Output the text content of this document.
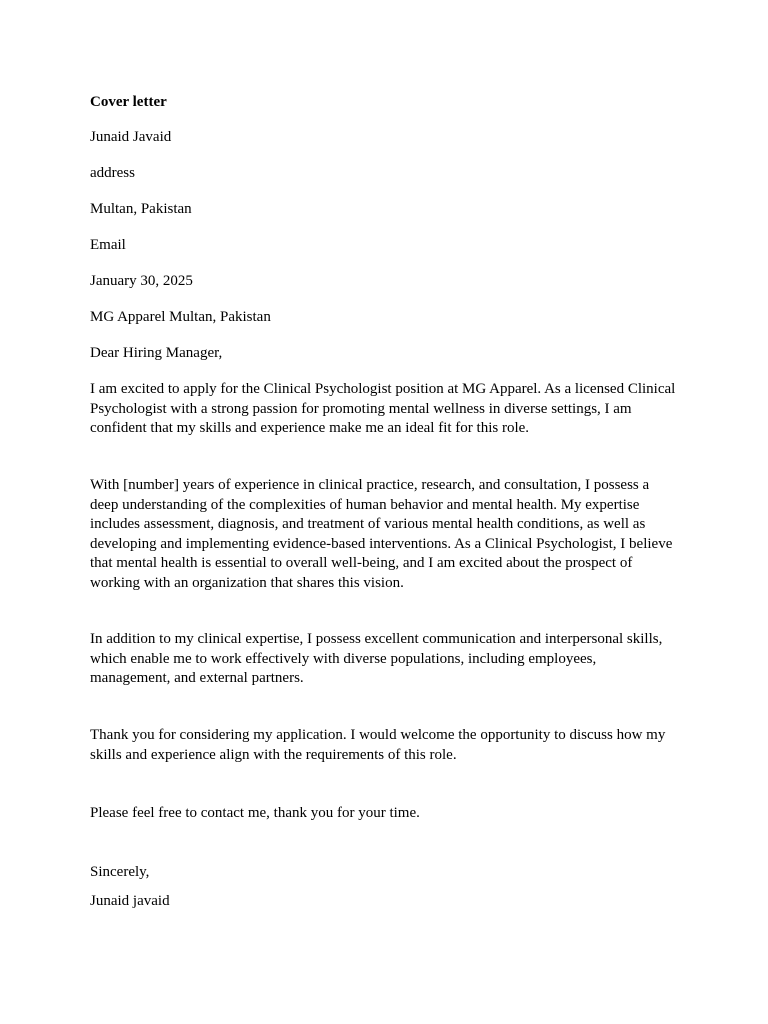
Cover letter

Junaid Javaid

address

Multan, Pakistan

Email

January 30, 2025

MG Apparel Multan, Pakistan

Dear Hiring Manager,

I am excited to apply for the Clinical Psychologist position at MG Apparel. As a licensed Clinical Psychologist with a strong passion for promoting mental wellness in diverse settings, I am confident that my skills and experience make me an ideal fit for this role.

With [number] years of experience in clinical practice, research, and consultation, I possess a deep understanding of the complexities of human behavior and mental health. My expertise includes assessment, diagnosis, and treatment of various mental health conditions, as well as developing and implementing evidence-based interventions. As a Clinical Psychologist, I believe that mental health is essential to overall well-being, and I am excited about the prospect of working with an organization that shares this vision.

In addition to my clinical expertise, I possess excellent communication and interpersonal skills, which enable me to work effectively with diverse populations, including employees, management, and external partners.

Thank you for considering my application. I would welcome the opportunity to discuss how my skills and experience align with the requirements of this role.

Please feel free to contact me, thank you for your time.

Sincerely,

Junaid javaid
